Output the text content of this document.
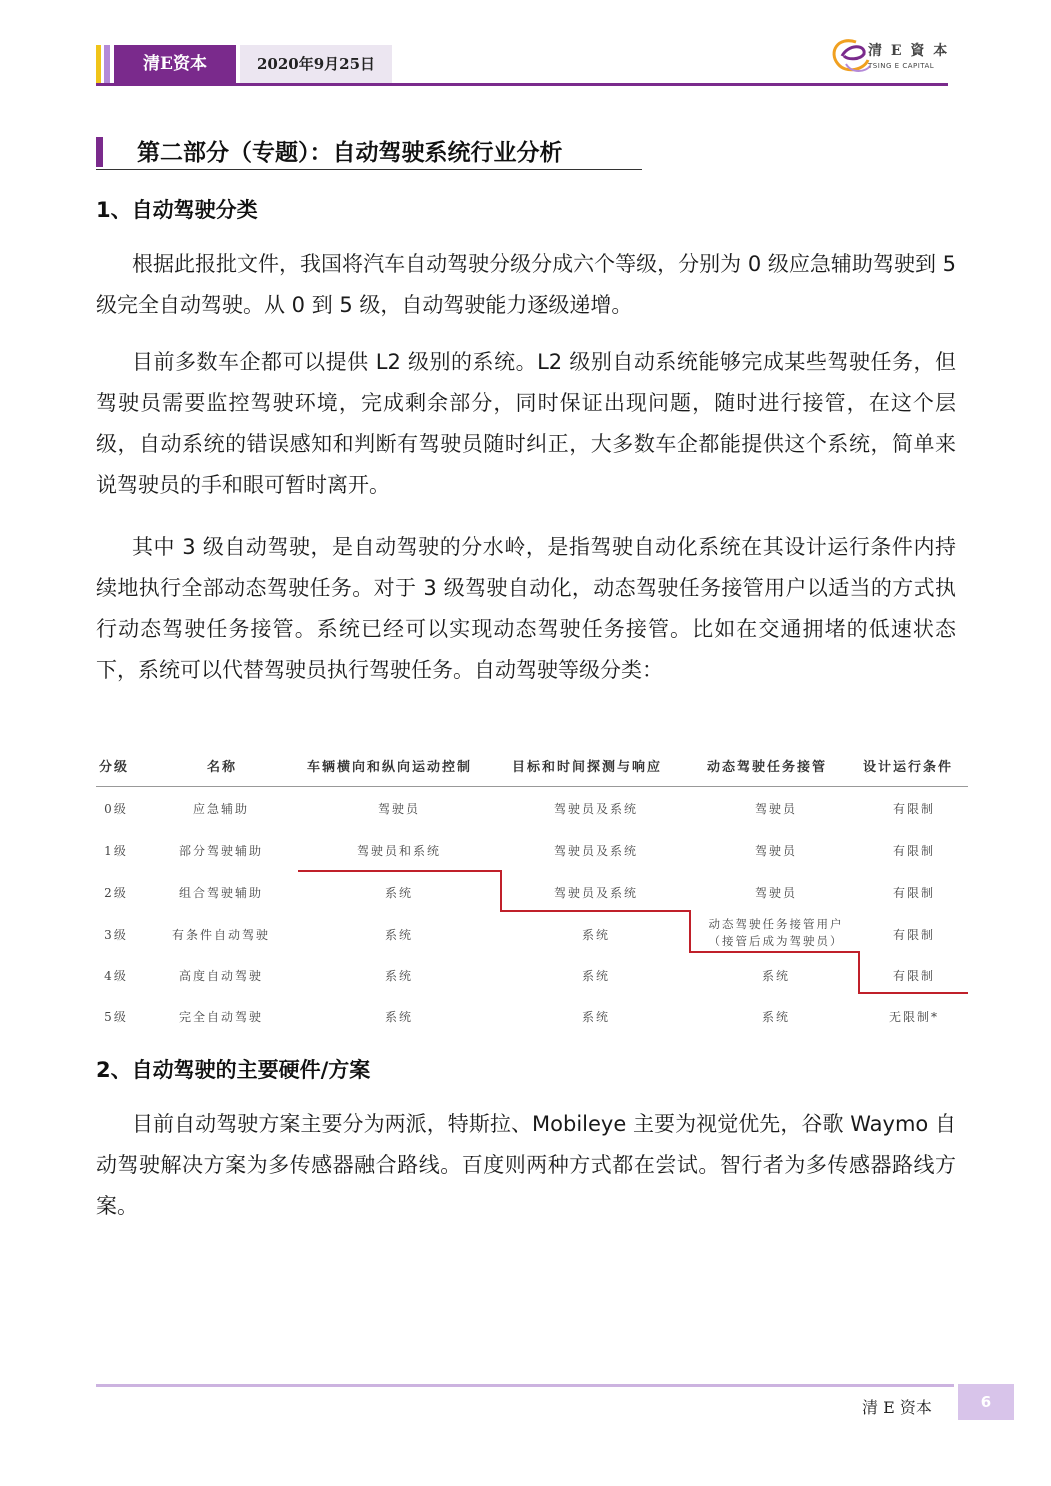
清E资本	2020年9月25日
清 E 資 本
TSING E CAPITAL
第二部分（专题）：自动驾驶系统行业分析
1、自动驾驶分类

根据此报批文件，我国将汽车自动驾驶分级分成六个等级，分别为 0 级应急辅助驾驶到 5 级完全自动驾驶。从 0 到 5 级，自动驾驶能力逐级递增。

目前多数车企都可以提供 L2 级别的系统。L2 级别自动系统能够完成某些驾驶任务，但驾驶员需要监控驾驶环境，完成剩余部分，同时保证出现问题，随时进行接管，在这个层级，自动系统的错误感知和判断有驾驶员随时纠正，大多数车企都能提供这个系统，简单来说驾驶员的手和眼可暂时离开。

其中 3 级自动驾驶，是自动驾驶的分水岭，是指驾驶自动化系统在其设计运行条件内持续地执行全部动态驾驶任务。对于 3 级驾驶自动化，动态驾驶任务接管用户以适当的方式执行动态驾驶任务接管。系统已经可以实现动态驾驶任务接管。比如在交通拥堵的低速状态下，系统可以代替驾驶员执行驾驶任务。自动驾驶等级分类：

分级	名称	车辆横向和纵向运动控制	目标和时间探测与响应	动态驾驶任务接管	设计运行条件
0级	应急辅助	驾驶员	驾驶员及系统	驾驶员	有限制
1级	部分驾驶辅助	驾驶员和系统	驾驶员及系统	驾驶员	有限制
2级	组合驾驶辅助	系统	驾驶员及系统	驾驶员	有限制
3级	有条件自动驾驶	系统	系统
动态驾驶任务接管用户
（接管后成为驾驶员）	有限制
4级	高度自动驾驶	系统	系统	系统	有限制
5级	完全自动驾驶	系统	系统	系统	无限制*
2、自动驾驶的主要硬件/方案

目前自动驾驶方案主要分为两派，特斯拉、Mobileye 主要为视觉优先，谷歌 Waymo 自动驾驶解决方案为多传感器融合路线。百度则两种方式都在尝试。智行者为多传感器路线方案。

清 E 资本	6
